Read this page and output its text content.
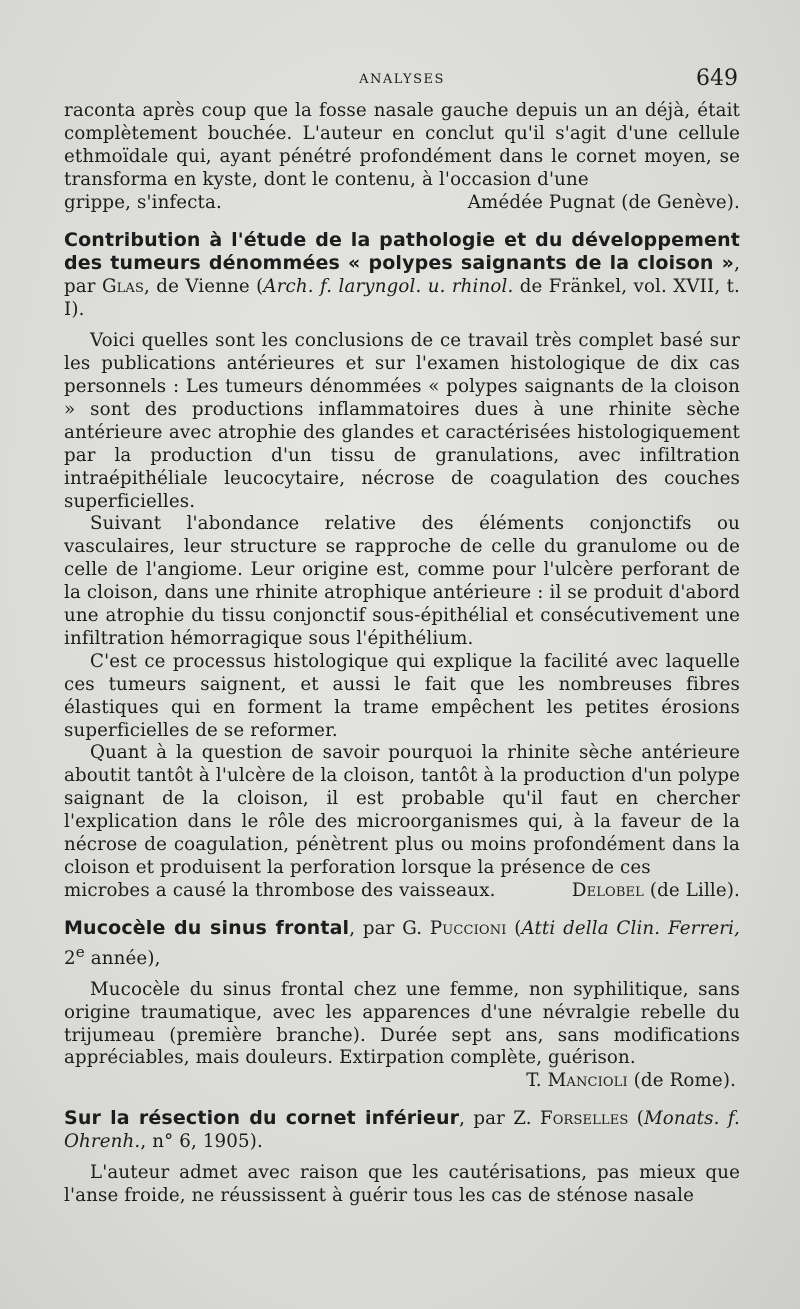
ANALYSES	649

raconta après coup que la fosse nasale gauche depuis un an déjà, était complètement bouchée. L'auteur en conclut qu'il s'agit d'une cellule ethmoïdale qui, ayant pénétré profondément dans le cornet moyen, se transforma en kyste, dont le contenu, à l'occasion d'une

grippe, s'infecta.	Amédée Pugnat (de Genève).

Contribution à l'étude de la pathologie et du développement des tumeurs dénommées « polypes saignants de la cloison », par Glas, de Vienne (Arch. f. laryngol. u. rhinol. de Fränkel, vol. XVII, t. I).

Voici quelles sont les conclusions de ce travail très complet basé sur les publications antérieures et sur l'examen histologique de dix cas personnels : Les tumeurs dénommées « polypes saignants de la cloison » sont des productions inflammatoires dues à une rhinite sèche antérieure avec atrophie des glandes et caractérisées histologiquement par la production d'un tissu de granulations, avec infiltration intraépithéliale leucocytaire, nécrose de coagulation des couches superficielles.

Suivant l'abondance relative des éléments conjonctifs ou vasculaires, leur structure se rapproche de celle du granulome ou de celle de l'angiome. Leur origine est, comme pour l'ulcère perforant de la cloison, dans une rhinite atrophique antérieure : il se produit d'abord une atrophie du tissu conjonctif sous-épithélial et consécutivement une infiltration hémorragique sous l'épithélium.

C'est ce processus histologique qui explique la facilité avec laquelle ces tumeurs saignent, et aussi le fait que les nombreuses fibres élastiques qui en forment la trame empêchent les petites érosions superficielles de se reformer.

Quant à la question de savoir pourquoi la rhinite sèche antérieure aboutit tantôt à l'ulcère de la cloison, tantôt à la production d'un polype saignant de la cloison, il est probable qu'il faut en chercher l'explication dans le rôle des microorganismes qui, à la faveur de la nécrose de coagulation, pénètrent plus ou moins profondément dans la cloison et produisent la perforation lorsque la présence de ces

microbes a causé la thrombose des vaisseaux.	Delobel (de Lille).

Mucocèle du sinus frontal, par G. Puccioni (Atti della Clin. Ferreri, 2e année),

Mucocèle du sinus frontal chez une femme, non syphilitique, sans origine traumatique, avec les apparences d'une névralgie rebelle du trijumeau (première branche). Durée sept ans, sans modifications appréciables, mais douleurs. Extirpation complète, guérison.

T. Mancioli (de Rome).

Sur la résection du cornet inférieur, par Z. Forselles (Monats. f. Ohrenh., n° 6, 1905).

L'auteur admet avec raison que les cautérisations, pas mieux que l'anse froide, ne réussissent à guérir tous les cas de sténose nasale
